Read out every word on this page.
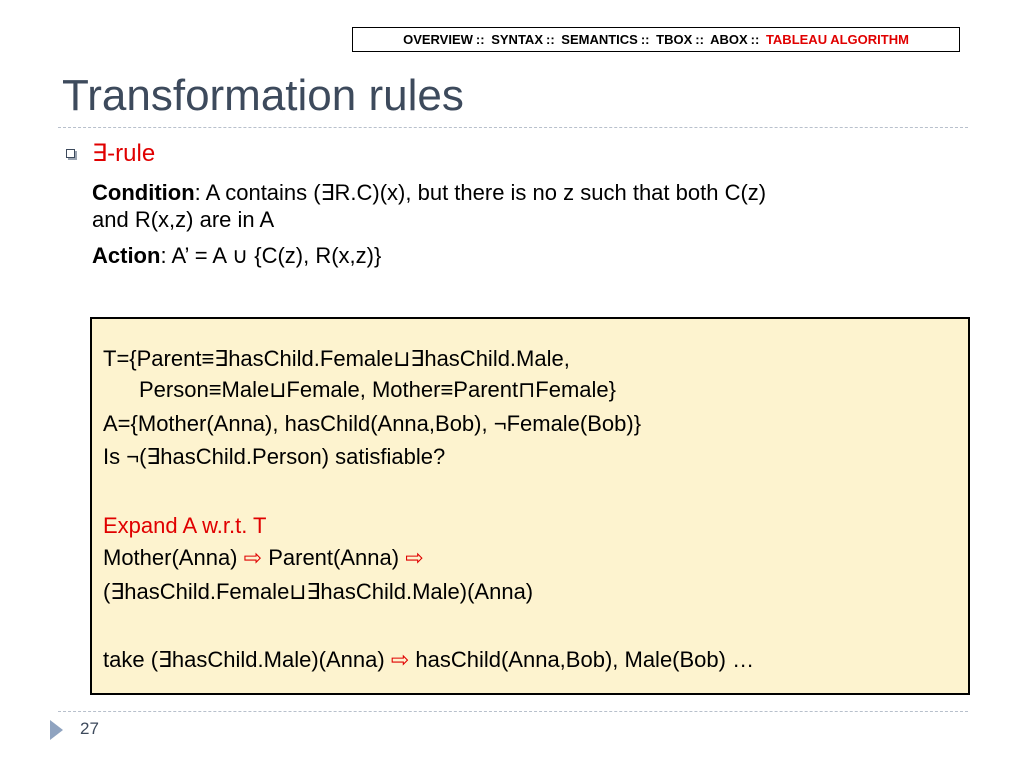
OVERVIEW :: SYNTAX :: SEMANTICS :: TBOX :: ABOX :: TABLEAU ALGORITHM
Transformation rules
∃-rule
Condition: A contains (∃R.C)(x), but there is no z such that both C(z)
and R(x,z) are in A
Action: A’ = A ∪ {C(z), R(x,z)}
T={Parent≡∃hasChild.Female⊔∃hasChild.Male,
Person≡Male⊔Female, Mother≡Parent⊓Female}
A={Mother(Anna), hasChild(Anna,Bob), ¬Female(Bob)}
Is ¬(∃hasChild.Person) satisfiable?
Expand A w.r.t. T
Mother(Anna) ⇨ Parent(Anna) ⇨
(∃hasChild.Female⊔∃hasChild.Male)(Anna)
take (∃hasChild.Male)(Anna) ⇨ hasChild(Anna,Bob), Male(Bob) …
27
